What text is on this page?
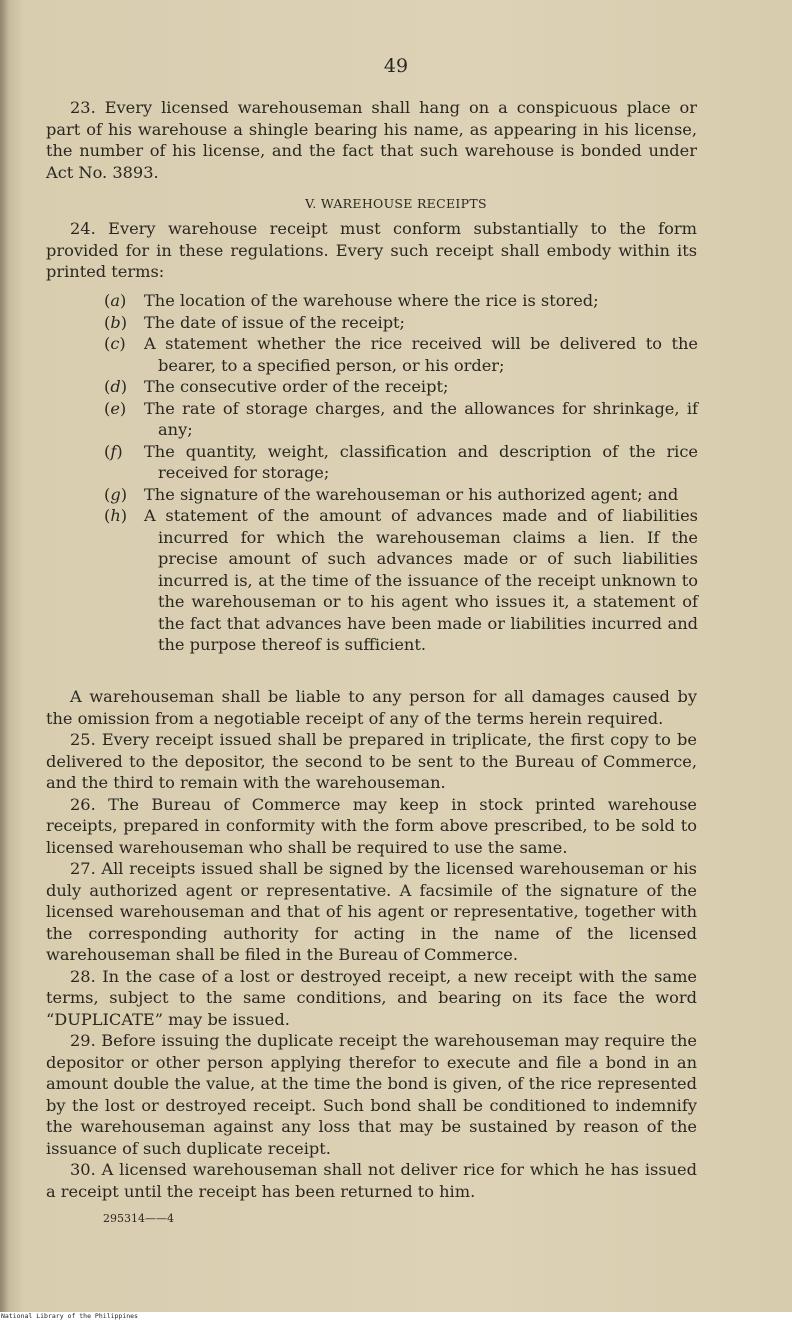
49

23. Every licensed warehouseman shall hang on a conspicuous place or part of his warehouse a shingle bearing his name, as appearing in his license, the number of his license, and the fact that such warehouse is bonded under Act No. 3893.

V. WAREHOUSE RECEIPTS

24. Every warehouse receipt must conform substantially to the form provided for in these regulations. Every such receipt shall embody within its printed terms:

(a) The location of the warehouse where the rice is stored;
(b) The date of issue of the receipt;
(c) A statement whether the rice received will be delivered to the bearer, to a specified person, or his order;
(d) The consecutive order of the receipt;
(e) The rate of storage charges, and the allowances for shrinkage, if any;
(f) The quantity, weight, classification and description of the rice received for storage;
(g) The signature of the warehouseman or his authorized agent; and
(h) A statement of the amount of advances made and of liabilities incurred for which the warehouseman claims a lien. If the precise amount of such advances made or of such liabilities incurred is, at the time of the issuance of the receipt unknown to the warehouseman or to his agent who issues it, a statement of the fact that advances have been made or liabilities incurred and the purpose thereof is sufficient.

A warehouseman shall be liable to any person for all damages caused by the omission from a negotiable receipt of any of the terms herein required.

25. Every receipt issued shall be prepared in triplicate, the first copy to be delivered to the depositor, the second to be sent to the Bureau of Commerce, and the third to remain with the warehouseman.

26. The Bureau of Commerce may keep in stock printed warehouse receipts, prepared in conformity with the form above prescribed, to be sold to licensed warehouseman who shall be required to use the same.

27. All receipts issued shall be signed by the licensed warehouseman or his duly authorized agent or representative. A facsimile of the signature of the licensed warehouseman and that of his agent or representative, together with the corresponding authority for acting in the name of the licensed warehouseman shall be filed in the Bureau of Commerce.

28. In the case of a lost or destroyed receipt, a new receipt with the same terms, subject to the same conditions, and bearing on its face the word “DUPLICATE” may be issued.

29. Before issuing the duplicate receipt the warehouseman may require the depositor or other person applying therefor to execute and file a bond in an amount double the value, at the time the bond is given, of the rice represented by the lost or destroyed receipt. Such bond shall be conditioned to indemnify the warehouseman against any loss that may be sustained by reason of the issuance of such duplicate receipt.

30. A licensed warehouseman shall not deliver rice for which he has issued a receipt until the receipt has been returned to him.

295314——4
National Library of the Philippines
